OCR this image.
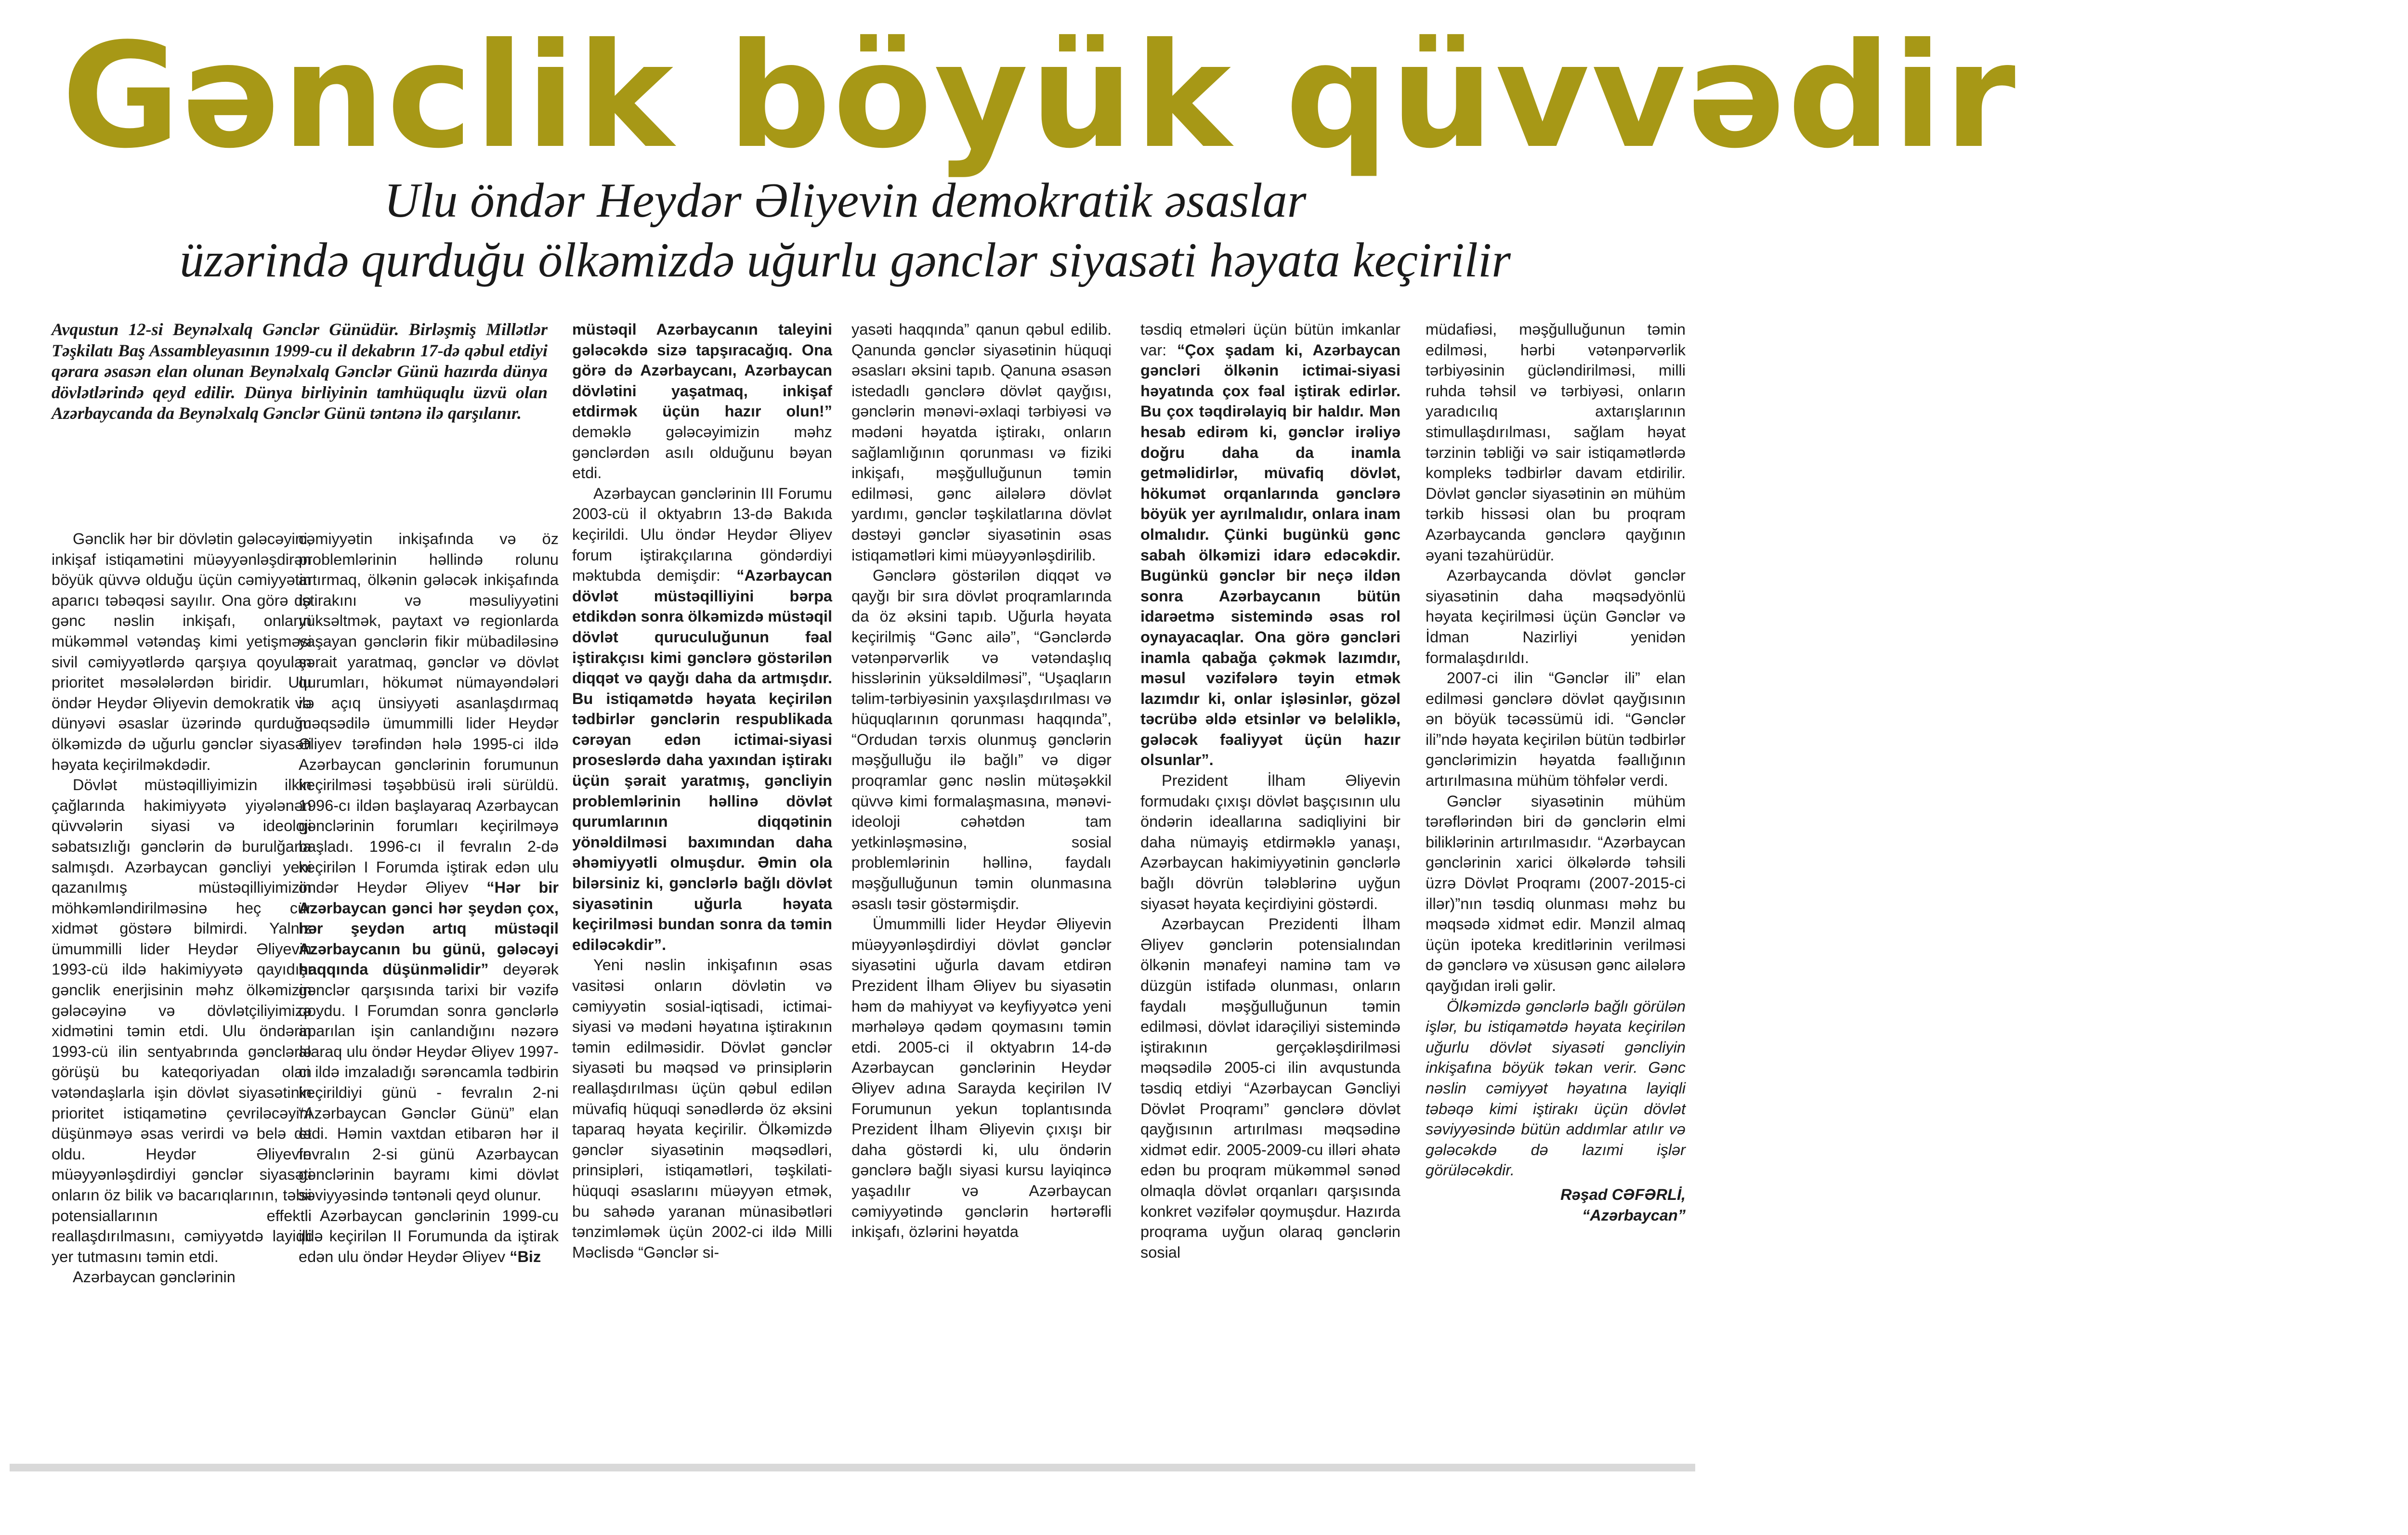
Gənclik böyük qüvvədir
Ulu öndər Heydər Əliyevin demokratik əsaslar
üzərində qurduğu ölkəmizdə uğurlu gənclər siyasəti həyata keçirilir

Avqustun 12-si Beynəlxalq Gənclər Günüdür. Birləşmiş Millətlər Təşkilatı Baş Assambleyasının 1999-cu il dekabrın 17-də qəbul etdiyi qərara əsasən elan olunan Beynəlxalq Gənclər Günü hazırda dünya dövlətlərində qeyd edilir. Dünya birliyinin tamhüquqlu üzvü olan Azərbaycanda da Beynəlxalq Gənclər Günü təntənə ilə qarşılanır.

Gənclik hər bir dövlətin gələcəyini, inkişaf istiqamətini müəyyənləşdirən böyük qüvvə olduğu üçün cəmiyyətin aparıcı təbəqəsi sayılır. Ona görə də gənc nəslin inkişafı, onların mükəmməl vətəndaş kimi yetişməsi sivil cəmiyyətlərdə qarşıya qoyulan prioritet məsələlərdən biridir. Ulu öndər Heydər Əliyevin demokratik və dünyəvi əsaslar üzərində qurduğu ölkəmizdə də uğurlu gənclər siyasəti həyata keçirilməkdədir.

Dövlət müstəqilliyimizin ilkin çağlarında hakimiyyətə yiyələnən qüvvələrin siyasi və ideoloji səbatsızlığı gənclərin də burulğana salmışdı. Azərbaycan gəncliyi yeni qazanılmış müstəqilliyimizin möhkəmləndirilməsinə heç cür xidmət göstərə bilmirdi. Yalnız ümummilli lider Heydər Əliyevin 1993-cü ildə hakimiyyətə qayıdışı gənclik enerjisinin məhz ölkəmizin gələcəyinə və dövlətçiliyimizə xidmətini təmin etdi. Ulu öndərin 1993-cü ilin sentyabrında gənclərlə görüşü bu kateqoriyadan olan vətəndaşlarla işin dövlət siyasətinin prioritet istiqamətinə çevriləcəyini düşünməyə əsas verirdi və belə də oldu. Heydər Əliyevin müəyyənləşdirdiyi gənclər siyasəti onların öz bilik və bacarıqlarının, təbii potensiallarının effektli reallaşdırılmasını, cəmiyyətdə layiqli yer tutmasını təmin etdi.

Azərbaycan gənclərinin

cəmiyyətin inkişafında və öz problemlərinin həllində rolunu artırmaq, ölkənin gələcək inkişafında iştirakını və məsuliyyətini yüksəltmək, paytaxt və regionlarda yaşayan gənclərin fikir mübadiləsinə şərait yaratmaq, gənclər və dövlət qurumları, hökumət nümayəndələri ilə açıq ünsiyyəti asanlaşdırmaq məqsədilə ümummilli lider Heydər Əliyev tərəfindən hələ 1995-ci ildə Azərbaycan gənclərinin forumunun keçirilməsi təşəbbüsü irəli sürüldü. 1996-cı ildən başlayaraq Azərbaycan gənclərinin forumları keçirilməyə başladı. 1996-cı il fevralın 2-də keçirilən I Forumda iştirak edən ulu öndər Heydər Əliyev “Hər bir Azərbaycan gənci hər şeydən çox, hər şeydən artıq müstəqil Azərbaycanın bu günü, gələcəyi haqqında düşünməlidir” deyərək gənclər qarşısında tarixi bir vəzifə qoydu. I Forumdan sonra gənclərlə aparılan işin canlandığını nəzərə alaraq ulu öndər Heydər Əliyev 1997-ci ildə imzaladığı sərəncamla tədbirin keçirildiyi günü - fevralın 2-ni “Azərbaycan Gənclər Günü” elan etdi. Həmin vaxtdan etibarən hər il fevralın 2-si günü Azərbaycan gənclərinin bayramı kimi dövlət səviyyəsində təntənəli qeyd olunur.

Azərbaycan gənclərinin 1999-cu ildə keçirilən II Forumunda da iştirak edən ulu öndər Heydər Əliyev “Biz

müstəqil Azərbaycanın taleyini gələcəkdə sizə tapşıracağıq. Ona görə də Azərbaycanı, Azərbaycan dövlətini yaşatmaq, inkişaf etdirmək üçün hazır olun!” deməklə gələcəyimizin məhz gənclərdən asılı olduğunu bəyan etdi.

Azərbaycan gənclərinin III Forumu 2003-cü il oktyabrın 13-də Bakıda keçirildi. Ulu öndər Heydər Əliyev forum iştirakçılarına göndərdiyi məktubda demişdir: “Azərbaycan dövlət müstəqilliyini bərpa etdikdən sonra ölkəmizdə müstəqil dövlət quruculuğunun fəal iştirakçısı kimi gənclərə göstərilən diqqət və qayğı daha da artmışdır. Bu istiqamətdə həyata keçirilən tədbirlər gənclərin respublikada cərəyan edən ictimai-siyasi proseslərdə daha yaxından iştirakı üçün şərait yaratmış, gəncliyin problemlərinin həllinə dövlət qurumlarının diqqətinin yönəldilməsi baxımından daha əhəmiyyətli olmuşdur. Əmin ola bilərsiniz ki, gənclərlə bağlı dövlət siyasətinin uğurla həyata keçirilməsi bundan sonra da təmin ediləcəkdir”.

Yeni nəslin inkişafının əsas vasitəsi onların dövlətin və cəmiyyətin sosial-iqtisadi, ictimai-siyasi və mədəni həyatına iştirakının təmin edilməsidir. Dövlət gənclər siyasəti bu məqsəd və prinsiplərin reallaşdırılması üçün qəbul edilən müvafiq hüquqi sənədlərdə öz əksini taparaq həyata keçirilir. Ölkəmizdə gənclər siyasətinin məqsədləri, prinsipləri, istiqamətləri, təşkilati-hüquqi əsaslarını müəyyən etmək, bu sahədə yaranan münasibətləri tənzimləmək üçün 2002-ci ildə Milli Məclisdə “Gənclər si-

yasəti haqqında” qanun qəbul edilib. Qanunda gənclər siyasətinin hüquqi əsasları əksini tapıb. Qanuna əsasən istedadlı gənclərə dövlət qayğısı, gənclərin mənəvi-əxlaqi tərbiyəsi və mədəni həyatda iştirakı, onların sağlamlığının qorunması və fiziki inkişafı, məşğulluğunun təmin edilməsi, gənc ailələrə dövlət yardımı, gənclər təşkilatlarına dövlət dəstəyi gənclər siyasətinin əsas istiqamətləri kimi müəyyənləşdirilib.

Gənclərə göstərilən diqqət və qayğı bir sıra dövlət proqramlarında da öz əksini tapıb. Uğurla həyata keçirilmiş “Gənc ailə”, “Gənclərdə vətənpərvərlik və vətəndaşlıq hisslərinin yüksəldilməsi”, “Uşaqların təlim-tərbiyəsinin yaxşılaşdırılması və hüquqlarının qorunması haqqında”, “Ordudan tərxis olunmuş gənclərin məşğulluğu ilə bağlı” və digər proqramlar gənc nəslin mütəşəkkil qüvvə kimi formalaşmasına, mənəvi-ideoloji cəhətdən tam yetkinləşməsinə, sosial problemlərinin həllinə, faydalı məşğulluğunun təmin olunmasına əsaslı təsir göstərmişdir.

Ümummilli lider Heydər Əliyevin müəyyənləşdirdiyi dövlət gənclər siyasətini uğurla davam etdirən Prezident İlham Əliyev bu siyasətin həm də mahiyyət və keyfiyyətcə yeni mərhələyə qədəm qoymasını təmin etdi. 2005-ci il oktyabrın 14-də Azərbaycan gənclərinin Heydər Əliyev adına Sarayda keçirilən IV Forumunun yekun toplantısında Prezident İlham Əliyevin çıxışı bir daha göstərdi ki, ulu öndərin gənclərə bağlı siyasi kursu layiqincə yaşadılır və Azərbaycan cəmiyyətində gənclərin hərtərəfli inkişafı, özlərini həyatda

təsdiq etmələri üçün bütün imkanlar var: “Çox şadam ki, Azərbaycan gəncləri ölkənin ictimai-siyasi həyatında çox fəal iştirak edirlər. Bu çox təqdirəlayiq bir haldır. Mən hesab edirəm ki, gənclər irəliyə doğru daha da inamla getməlidirlər, müvafiq dövlət, hökumət orqanlarında gənclərə böyük yer ayrılmalıdır, onlara inam olmalıdır. Çünki bugünkü gənc sabah ölkəmizi idarə edəcəkdir. Bugünkü gənclər bir neçə ildən sonra Azərbaycanın bütün idarəetmə sistemində əsas rol oynayacaqlar. Ona görə gəncləri inamla qabağa çəkmək lazımdır, məsul vəzifələrə təyin etmək lazımdır ki, onlar işləsinlər, gözəl təcrübə əldə etsinlər və beləliklə, gələcək fəaliyyət üçün hazır olsunlar”.

Prezident İlham Əliyevin formudakı çıxışı dövlət başçısının ulu öndərin ideallarına sadiqliyini bir daha nümayiş etdirməklə yanaşı, Azərbaycan hakimiyyətinin gənclərlə bağlı dövrün tələblərinə uyğun siyasət həyata keçirdiyini göstərdi.

Azərbaycan Prezidenti İlham Əliyev gənclərin potensialından ölkənin mənafeyi naminə tam və düzgün istifadə olunması, onların faydalı məşğulluğunun təmin edilməsi, dövlət idarəçiliyi sistemində iştirakının gerçəkləşdirilməsi məqsədilə 2005-ci ilin avqustunda təsdiq etdiyi “Azərbaycan Gəncliyi Dövlət Proqramı” gənclərə dövlət qayğısının artırılması məqsədinə xidmət edir. 2005-2009-cu illəri əhatə edən bu proqram mükəmməl sənəd olmaqla dövlət orqanları qarşısında konkret vəzifələr qoymuşdur. Hazırda proqrama uyğun olaraq gənclərin sosial

müdafiəsi, məşğulluğunun təmin edilməsi, hərbi vətənpərvərlik tərbiyəsinin gücləndirilməsi, milli ruhda təhsil və tərbiyəsi, onların yaradıcılıq axtarışlarının stimullaşdırılması, sağlam həyat tərzinin təbliği və sair istiqamətlərdə kompleks tədbirlər davam etdirilir. Dövlət gənclər siyasətinin ən mühüm tərkib hissəsi olan bu proqram Azərbaycanda gənclərə qayğının əyani təzahürüdür.

Azərbaycanda dövlət gənclər siyasətinin daha məqsədyönlü həyata keçirilməsi üçün Gənclər və İdman Nazirliyi yenidən formalaşdırıldı.

2007-ci ilin “Gənclər ili” elan edilməsi gənclərə dövlət qayğısının ən böyük təcəssümü idi. “Gənclər ili”ndə həyata keçirilən bütün tədbirlər gənclərimizin həyatda fəallığının artırılmasına mühüm töhfələr verdi.

Gənclər siyasətinin mühüm tərəflərindən biri də gənclərin elmi biliklərinin artırılmasıdır. “Azərbaycan gənclərinin xarici ölkələrdə təhsili üzrə Dövlət Proqramı (2007-2015-ci illər)”nın təsdiq olunması məhz bu məqsədə xidmət edir. Mənzil almaq üçün ipoteka kreditlərinin verilməsi də gənclərə və xüsusən gənc ailələrə qayğıdan irəli gəlir.

Ölkəmizdə gənclərlə bağlı görülən işlər, bu istiqamətdə həyata keçirilən uğurlu dövlət siyasəti gəncliyin inkişafına böyük təkan verir. Gənc nəslin cəmiyyət həyatına layiqli təbəqə kimi iştirakı üçün dövlət səviyyəsində bütün addımlar atılır və gələcəkdə də lazımi işlər görüləcəkdir.

Rəşad CƏFƏRLİ,
“Azərbaycan”
